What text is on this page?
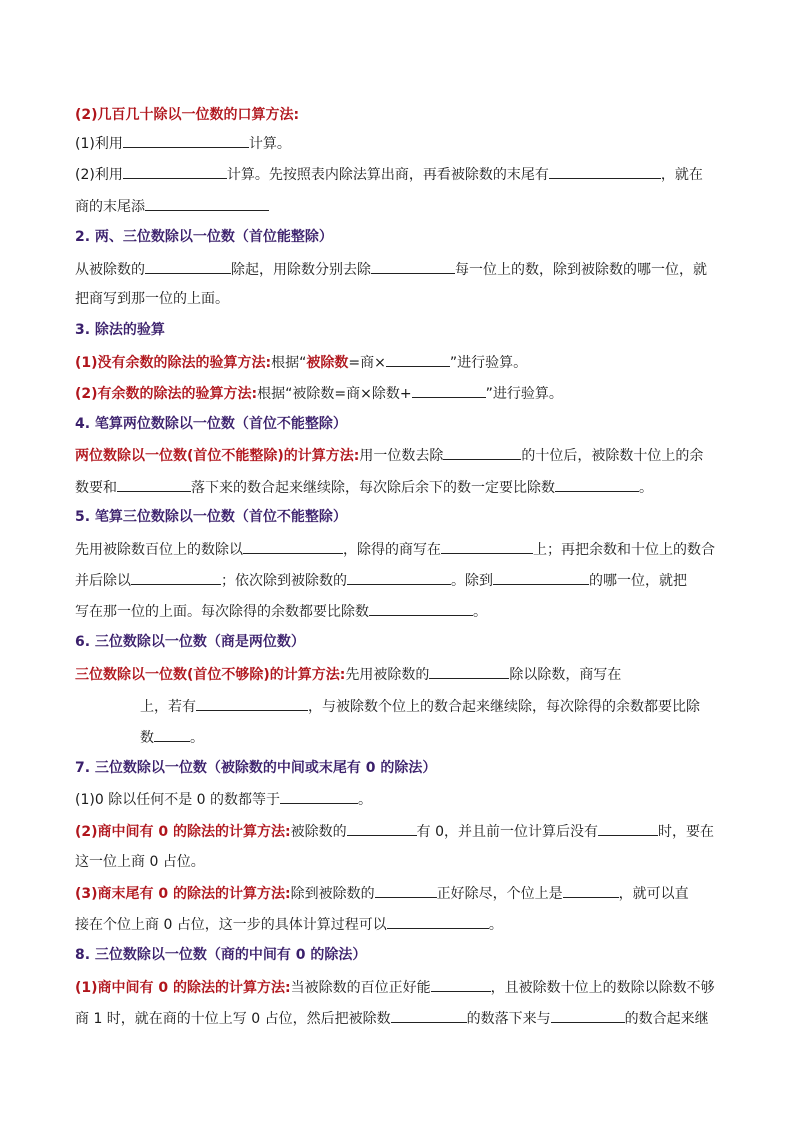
(2)几百几十除以一位数的口算方法:
(1)利用	计算。
(2)利用	计算。先按照表内除法算出商，再看被除数的末尾有	，就在
商的末尾添
2. 两、三位数除以一位数（首位能整除）
从被除数的	除起，用除数分别去除	每一位上的数，除到被除数的哪一位，就
把商写到那一位的上面。
3. 除法的验算
(1)没有余数的除法的验算方法:根据“被除数=商×	”进行验算。
(2)有余数的除法的验算方法:根据“被除数=商×除数+	”进行验算。
4. 笔算两位数除以一位数（首位不能整除）
两位数除以一位数(首位不能整除)的计算方法:用一位数去除	的十位后，被除数十位上的余
数要和	落下来的数合起来继续除，每次除后余下的数一定要比除数	。
5. 笔算三位数除以一位数（首位不能整除）
先用被除数百位上的数除以	，除得的商写在	上；再把余数和十位上的数合
并后除以	；依次除到被除数的	。除到	的哪一位，就把
写在那一位的上面。每次除得的余数都要比除数	。
6. 三位数除以一位数（商是两位数）
三位数除以一位数(首位不够除)的计算方法:先用被除数的	除以除数，商写在
上，若有	，与被除数个位上的数合起来继续除，每次除得的余数都要比除
数	。
7. 三位数除以一位数（被除数的中间或末尾有 0 的除法）
(1)0 除以任何不是 0 的数都等于	。
(2)商中间有 0 的除法的计算方法:被除数的	有 0，并且前一位计算后没有	时，要在
这一位上商 0 占位。
(3)商末尾有 0 的除法的计算方法:除到被除数的	正好除尽，个位上是	，就可以直
接在个位上商 0 占位，这一步的具体计算过程可以	。
8. 三位数除以一位数（商的中间有 0 的除法）
(1)商中间有 0 的除法的计算方法:当被除数的百位正好能	，且被除数十位上的数除以除数不够
商 1 时，就在商的十位上写 0 占位，然后把被除数	的数落下来与	的数合起来继
